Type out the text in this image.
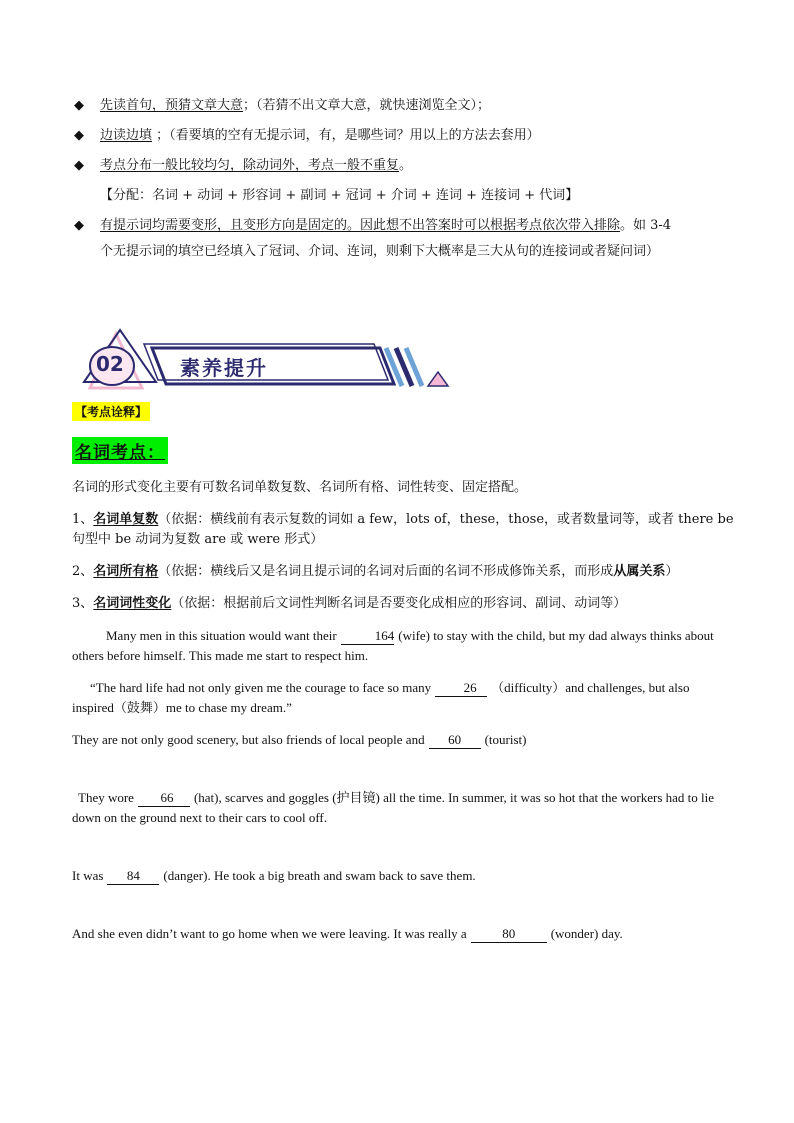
◆ 先读首句，预猜文章大意；（若猜不出文章大意，就快速浏览全文）；
◆ 边读边填 ；（看要填的空有无提示词，有，是哪些词？用以上的方法去套用）
◆ 考点分布一般比较均匀，除动词外，考点一般不重复。
【分配：名词 + 动词 + 形容词 + 副词 + 冠词 + 介词 + 连词 + 连接词 + 代词】
◆ 有提示词均需要变形，且变形方向是固定的。因此想不出答案时可以根据考点依次带入排除。如 3-4
个无提示词的填空已经填入了冠词、介词、连词，则剩下大概率是三大从句的连接词或者疑问词）
02	素养提升
【考点诠释】
名词考点：

名词的形式变化主要有可数名词单数复数、名词所有格、词性转变、固定搭配。

1、名词单复数（依据：横线前有表示复数的词如 a few，lots of，these，those，或者数量词等，或者 there be 句型中 be 动词为复数 are 或 were 形式）

2、名词所有格（依据：横线后又是名词且提示词的名词对后面的名词不形成修饰关系，而形成从属关系）

3、名词词性变化（依据：根据前后文词性判断名词是否要变化成相应的形容词、副词、动词等）

Many men in this situation would want their	164 (wife) to stay with the child, but my dad always thinks about others before himself. This made me start to respect him.

“The hard life had not only given me the courage to face so many	26 （difficulty）and challenges, but also inspired（鼓舞）me to chase my dream.”

They are not only good scenery, but also friends of local people and 60 (tourist)

They wore 66 (hat), scarves and goggles (护目镜) all the time. In summer, it was so hot that the workers had to lie down on the ground next to their cars to cool off.

It was 84 (danger). He took a big breath and swam back to save them.

And she even didn’t want to go home when we were leaving. It was really a	80	(wonder) day.
